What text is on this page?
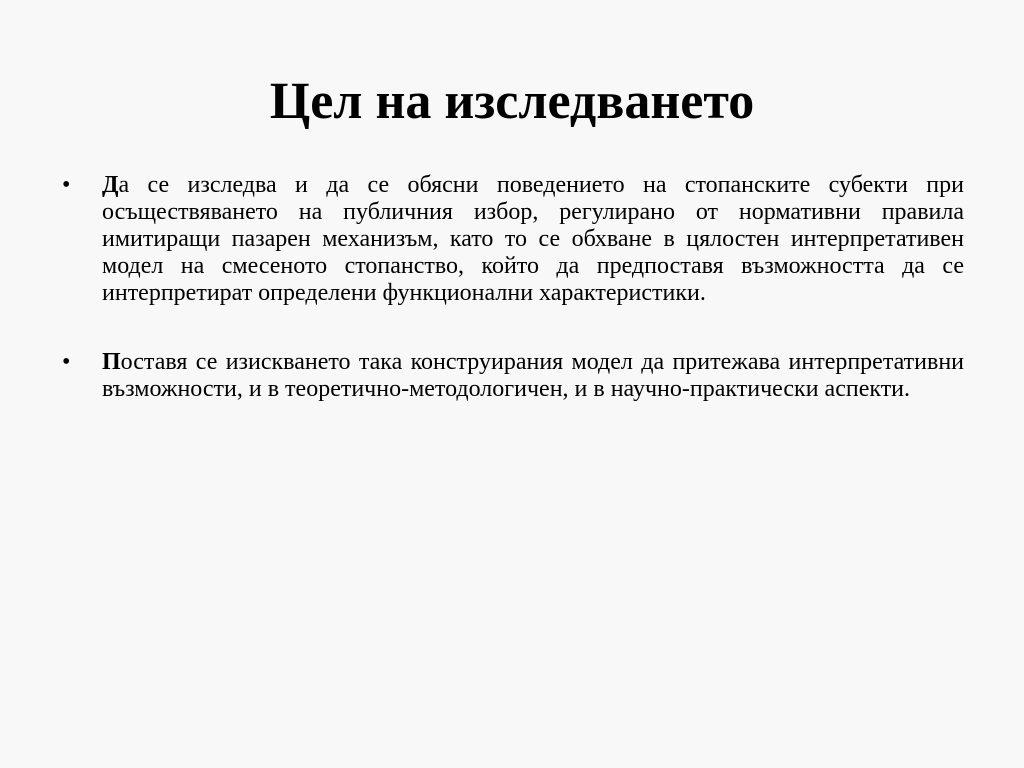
Цел на изследването
•	Да се изследва и да се обясни поведението на стопанските субекти при осъществяването на публичния избор, регулирано от нормативни правила имитиращи пазарен механизъм, като то се обхване в цялостен интерпретативен модел на смесеното стопанство, който да предпоставя възможността да се интерпретират определени функционални характеристики.
•	Поставя се изискването така конструирания модел да притежава интерпретативни възможности, и в теоретично-методологичен, и в научно-практически аспекти.
